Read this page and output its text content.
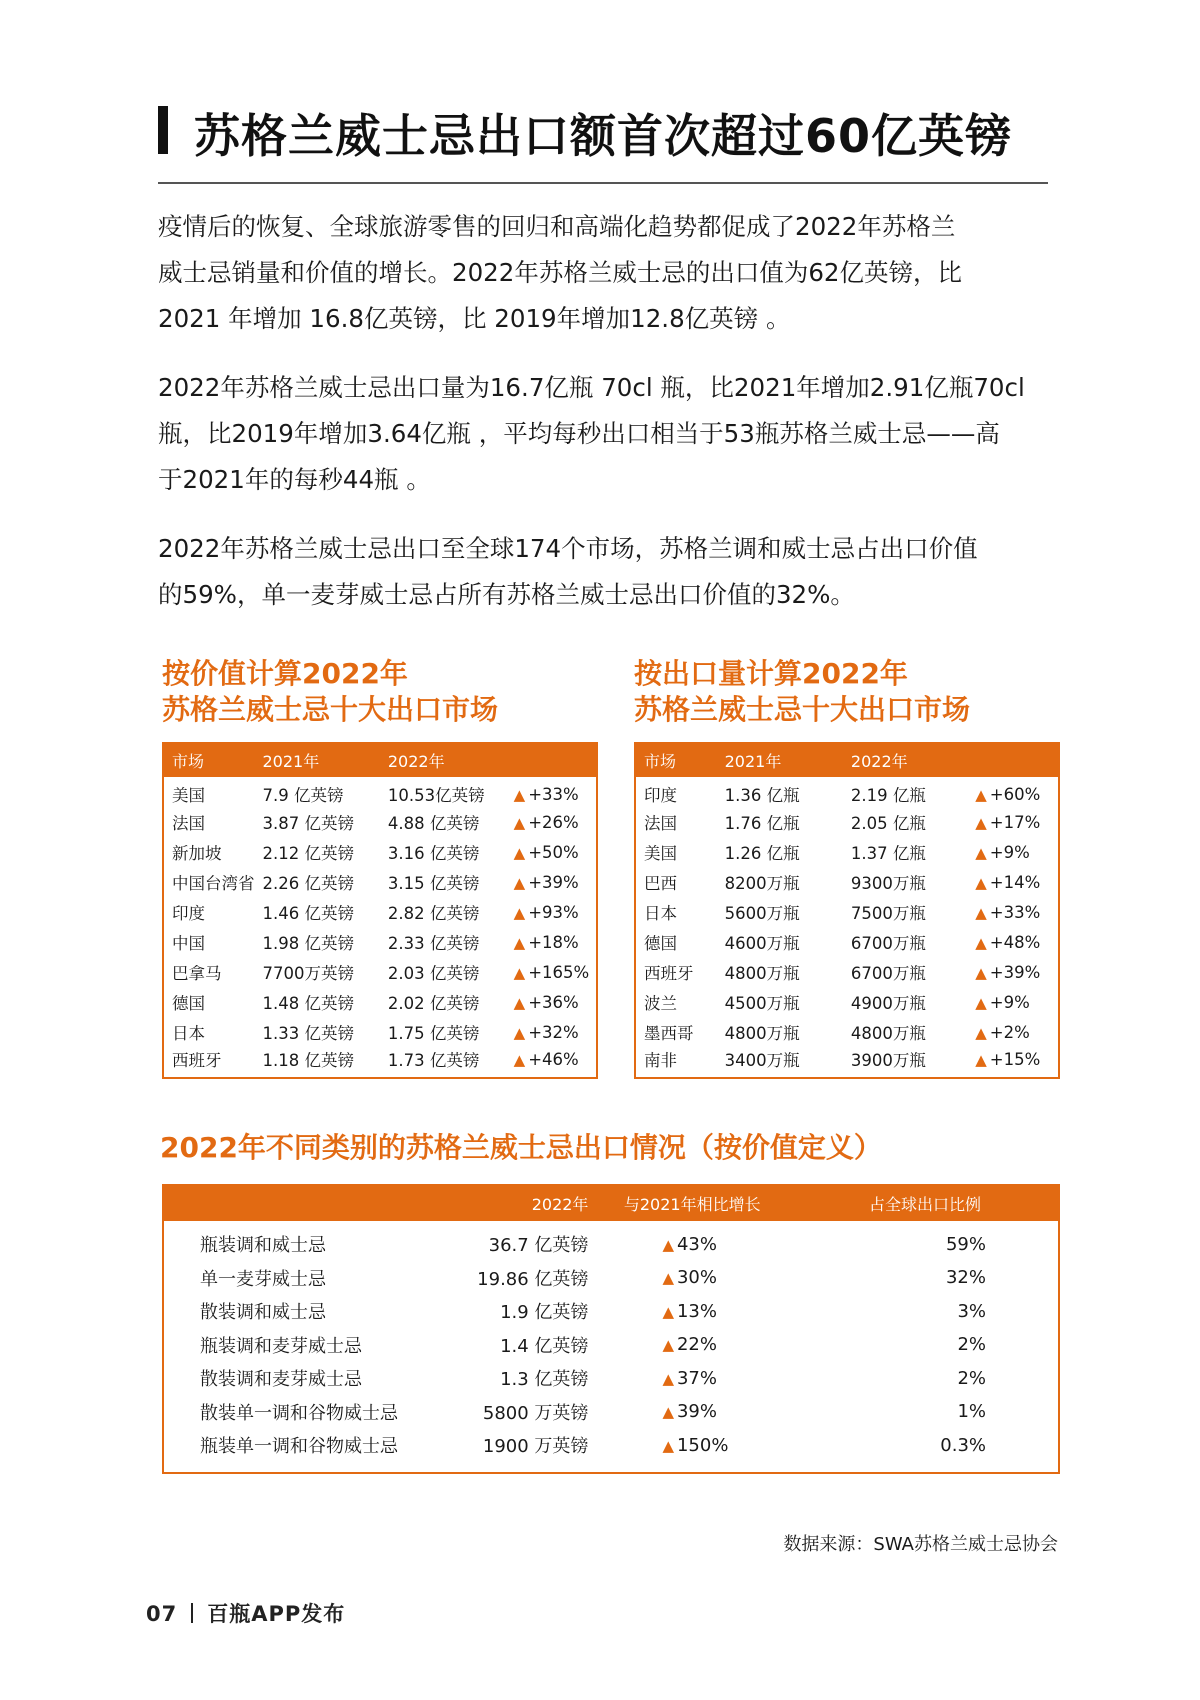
苏格兰威士忌出口额首次超过60亿英镑

疫情后的恢复、全球旅游零售的回归和高端化趋势都促成了2022年苏格兰

威士忌销量和价值的增长。2022年苏格兰威士忌的出口值为62亿英镑，比

2021 年增加 16.8亿英镑，比 2019年增加12.8亿英镑 。

2022年苏格兰威士忌出口量为16.7亿瓶 70cl 瓶，比2021年增加2.91亿瓶70cl

瓶，比2019年增加3.64亿瓶 ，平均每秒出口相当于53瓶苏格兰威士忌——高

于2021年的每秒44瓶 。

2022年苏格兰威士忌出口至全球174个市场，苏格兰调和威士忌占出口价值

的59%，单一麦芽威士忌占所有苏格兰威士忌出口价值的32%。

按价值计算2022年
苏格兰威士忌十大出口市场
市场	2021年	2022年	
美国	7.9 亿英镑	10.53亿英镑	▲ +33%
法国	3.87 亿英镑	4.88 亿英镑	▲ +26%
新加坡	2.12 亿英镑	3.16 亿英镑	▲ +50%
中国台湾省	2.26 亿英镑	3.15 亿英镑	▲ +39%
印度	1.46 亿英镑	2.82 亿英镑	▲ +93%
中国	1.98 亿英镑	2.33 亿英镑	▲ +18%
巴拿马	7700万英镑	2.03 亿英镑	▲ +165%
德国	1.48 亿英镑	2.02 亿英镑	▲ +36%
日本	1.33 亿英镑	1.75 亿英镑	▲ +32%
西班牙	1.18 亿英镑	1.73 亿英镑	▲ +46%
按出口量计算2022年
苏格兰威士忌十大出口市场
市场	2021年	2022年	
印度	1.36 亿瓶	2.19 亿瓶	▲ +60%
法国	1.76 亿瓶	2.05 亿瓶	▲ +17%
美国	1.26 亿瓶	1.37 亿瓶	▲ +9%
巴西	8200万瓶	9300万瓶	▲ +14%
日本	5600万瓶	7500万瓶	▲ +33%
德国	4600万瓶	6700万瓶	▲ +48%
西班牙	4800万瓶	6700万瓶	▲ +39%
波兰	4500万瓶	4900万瓶	▲ +9%
墨西哥	4800万瓶	4800万瓶	▲ +2%
南非	3400万瓶	3900万瓶	▲ +15%
2022年不同类别的苏格兰威士忌出口情况（按价值定义）
	2022年	与2021年相比增长	占全球出口比例
瓶装调和威士忌	36.7 亿英镑	▲ 43%	59%
单一麦芽威士忌	19.86 亿英镑	▲ 30%	32%
散装调和威士忌	1.9 亿英镑	▲ 13%	3%
瓶装调和麦芽威士忌	1.4 亿英镑	▲ 22%	2%
散装调和麦芽威士忌	1.3 亿英镑	▲ 37%	2%
散装单一调和谷物威士忌	5800 万英镑	▲ 39%	1%
瓶装单一调和谷物威士忌	1900 万英镑	▲ 150%	0.3%
数据来源：SWA苏格兰威士忌协会
07 百瓶APP发布
